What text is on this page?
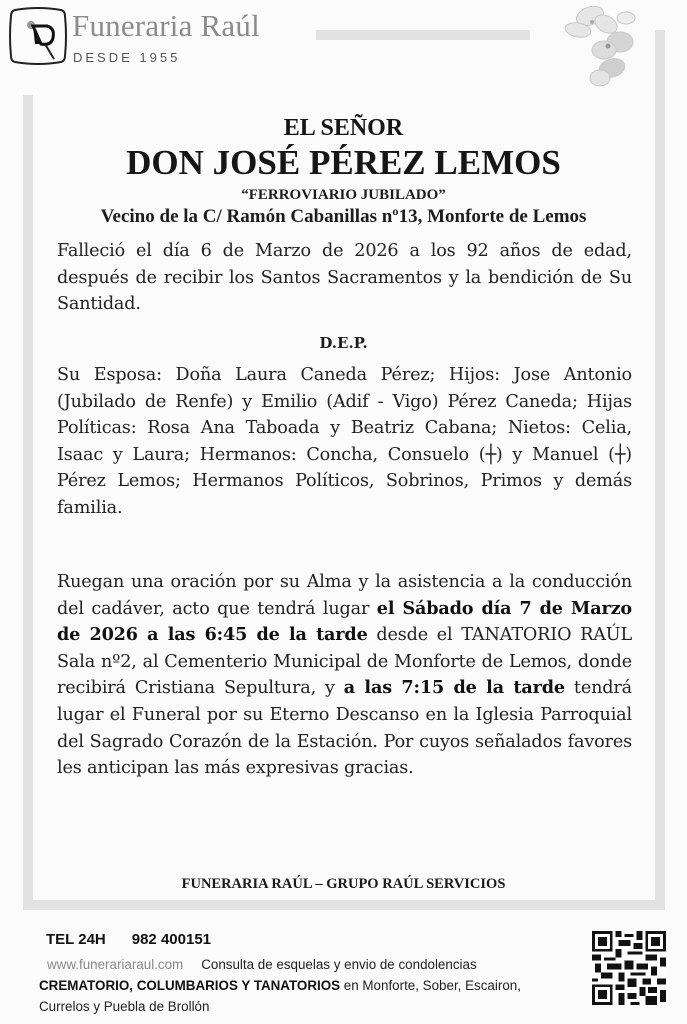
Funeraria Raúl
DESDE 1955
EL SEÑOR
DON JOSÉ PÉREZ LEMOS
“FERROVIARIO JUBILADO”
Vecino de la C/ Ramón Cabanillas nº13, Monforte de Lemos
Falleció el día 6 de Marzo de 2026 a los 92 años de edad, después de recibir los Santos Sacramentos y la bendición de Su Santidad.
D.E.P.
Su Esposa: Doña Laura Caneda Pérez; Hijos: Jose Antonio (Jubilado de Renfe) y Emilio (Adif - Vigo) Pérez Caneda; Hijas Políticas: Rosa Ana Taboada y Beatriz Cabana; Nietos: Celia, Isaac y Laura; Hermanos: Concha, Consuelo (┼) y Manuel (┼) Pérez Lemos; Hermanos Políticos, Sobrinos, Primos y demás familia.
Ruegan una oración por su Alma y la asistencia a la conducción del cadáver, acto que tendrá lugar el Sábado día 7 de Marzo de 2026 a las 6:45 de la tarde desde el TANATORIO RAÚL Sala nº2, al Cementerio Municipal de Monforte de Lemos, donde recibirá Cristiana Sepultura, y a las 7:15 de la tarde tendrá lugar el Funeral por su Eterno Descanso en la Iglesia Parroquial del Sagrado Corazón de la Estación. Por cuyos señalados favores les anticipan las más expresivas gracias.
FUNERARIA RAÚL – GRUPO RAÚL SERVICIOS
TEL 24H 982 400151
www.funerariaraul.com Consulta de esquelas y envio de condolencias CREMATORIO, COLUMBARIOS Y TANATORIOS en Monforte, Sober, Escairon, Currelos y Puebla de Brollón
